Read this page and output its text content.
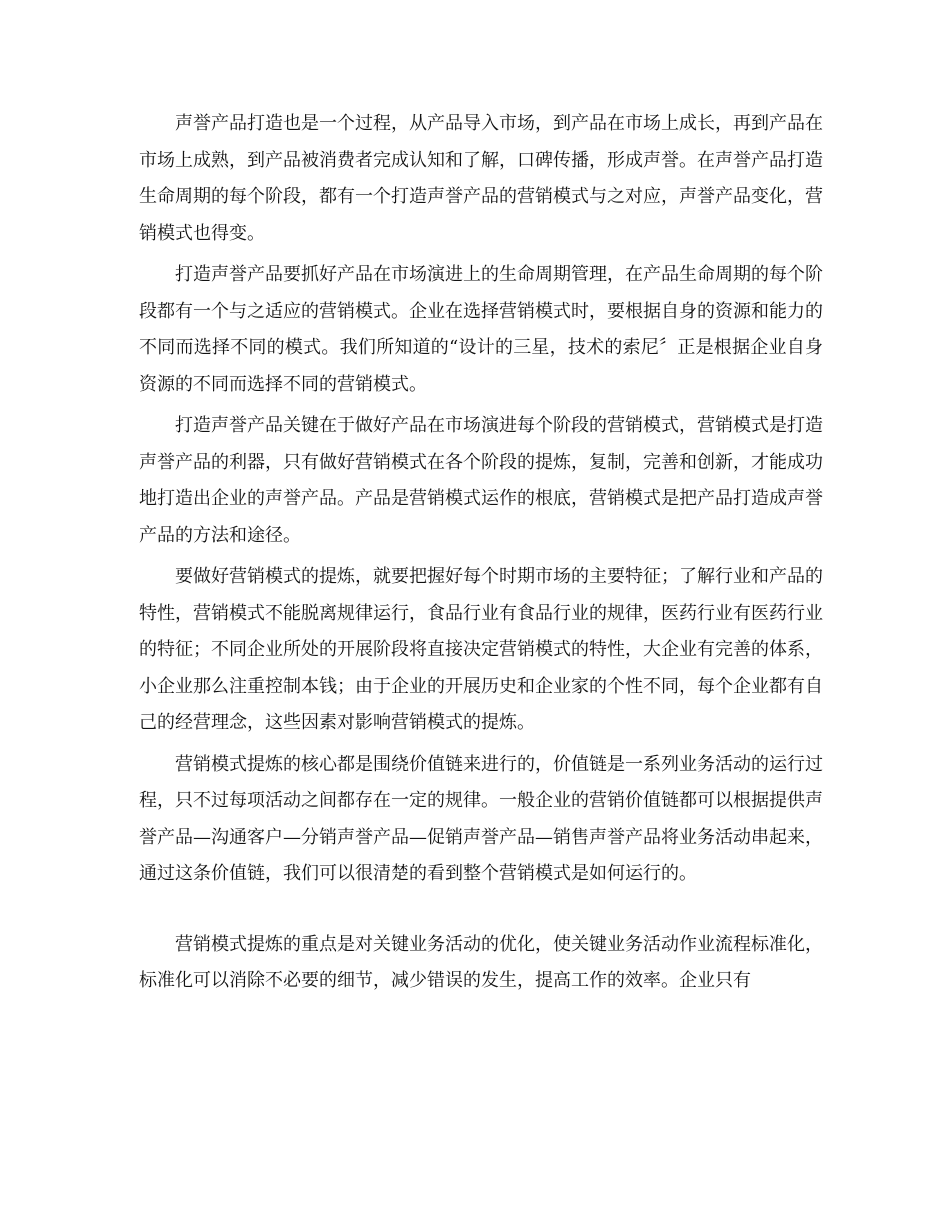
声誉产品打造也是一个过程，从产品导入市场，到产品在市场上成长，再到产品在市场上成熟，到产品被消费者完成认知和了解，口碑传播，形成声誉。在声誉产品打造生命周期的每个阶段，都有一个打造声誉产品的营销模式与之对应，声誉产品变化，营销模式也得变。

打造声誉产品要抓好产品在市场演进上的生命周期管理，在产品生命周期的每个阶段都有一个与之适应的营销模式。企业在选择营销模式时，要根据自身的资源和能力的不同而选择不同的模式。我们所知道的“设计的三星，技术的索尼〞正是根据企业自身资源的不同而选择不同的营销模式。

打造声誉产品关键在于做好产品在市场演进每个阶段的营销模式，营销模式是打造声誉产品的利器，只有做好营销模式在各个阶段的提炼，复制，完善和创新，才能成功地打造出企业的声誉产品。产品是营销模式运作的根底，营销模式是把产品打造成声誉产品的方法和途径。

要做好营销模式的提炼，就要把握好每个时期市场的主要特征；了解行业和产品的特性，营销模式不能脱离规律运行，食品行业有食品行业的规律，医药行业有医药行业的特征；不同企业所处的开展阶段将直接决定营销模式的特性，大企业有完善的体系，小企业那么注重控制本钱；由于企业的开展历史和企业家的个性不同，每个企业都有自己的经营理念，这些因素对影响营销模式的提炼。

营销模式提炼的核心都是围绕价值链来进行的，价值链是一系列业务活动的运行过程，只不过每项活动之间都存在一定的规律。一般企业的营销价值链都可以根据提供声誉产品—沟通客户—分销声誉产品—促销声誉产品—销售声誉产品将业务活动串起来，通过这条价值链，我们可以很清楚的看到整个营销模式是如何运行的。

营销模式提炼的重点是对关键业务活动的优化，使关键业务活动作业流程标准化，标准化可以消除不必要的细节，减少错误的发生，提高工作的效率。企业只有
